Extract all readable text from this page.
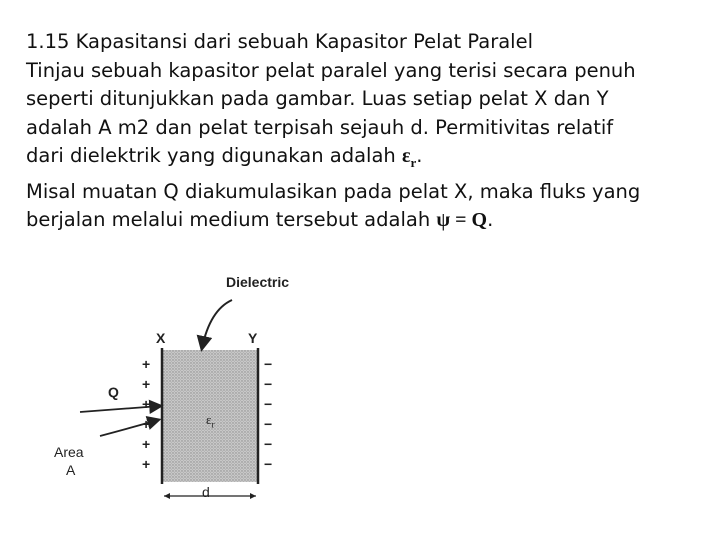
1.15 Kapasitansi dari sebuah Kapasitor Pelat Paralel

Tinjau sebuah kapasitor pelat paralel yang terisi secara penuh

seperti ditunjukkan pada gambar. Luas setiap pelat X dan Y

adalah A m2 dan pelat terpisah sejauh d. Permitivitas relatif

dari dielektrik yang digunakan adalah $\varepsilon_r$.

Misal muatan Q diakumulasikan pada pelat X, maka fluks yang

berjalan melalui medium tersebut adalah ψ = Q.

Dielectric
X	Y
Q
Area
A
$\varepsilon_r$
d
+
+
+
+
+
+
−
−
−
−
−
−
